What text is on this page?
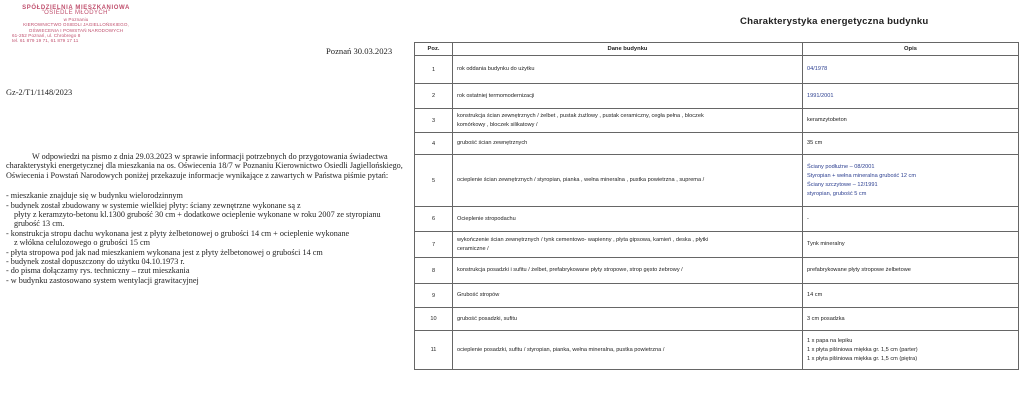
SPÓŁDZIELNIA MIESZKANIOWA
"OSIEDLE MŁODYCH"
w Poznaniu
KIEROWNICTWO OSIEDLI JAGIELLOŃSKIEGO,
OŚWIECENIA I POWSTAŃ NARODOWYCH
61-252 Poznań, ul. Chrobrego 8
tel. 61 879 19 71, 61 879 17 11
Poznań 30.03.2023
Gz-2/T1/1148/2023

W odpowiedzi na pismo z dnia 29.03.2023 w sprawie informacji potrzebnych do przygotowania świadectwa charakterystyki energetycznej dla mieszkania na os. Oświecenia 18/7 w Poznaniu Kierownictwo Osiedli Jagiellońskiego, Oświecenia i Powstań Narodowych poniżej przekazuje informacje wynikające z zawartych w Państwa piśmie pytań:

- mieszkanie znajduje się w budynku wielorodzinnym
- budynek został zbudowany w systemie wielkiej płyty: ściany zewnętrzne wykonane są z
płyty z keramzyto-betonu kl.1300 grubość 30 cm + dodatkowe ocieplenie wykonane w roku 2007 ze styropianu grubość 13 cm.
- konstrukcja stropu dachu wykonana jest z płyty żelbetonowej o grubości 14 cm + ocieplenie wykonane
z włókna celulozowego o grubości 15 cm
- płyta stropowa pod jak nad mieszkaniem wykonana jest z płyty żelbetonowej o grubości 14 cm
- budynek został dopuszczony do użytku 04.10.1973 r.
- do pisma dołączamy rys. techniczny – rzut mieszkania
- w budynku zastosowano system wentylacji grawitacyjnej
Charakterystyka energetyczna budynku
Poz.	Dane budynku	Opis
1	rok oddania budynku do użytku	04/1978

2	rok ostatniej termomodernizacji	1991/2001

3	konstrukcja ścian zewnętrznych / żelbet , pustak żużlowy , pustak ceramiczny, cegła pełna , bloczek
komórkowy , bloczek silikatowy /	keramzytobeton

4	grubość ścian zewnętrznych	35 cm

5	ocieplenie ścian zewnętrznych / styropian, pianka , wełna mineralna , pustka powietrzna , suprema /	Ściany podłużne – 08/2001
Styropian + wełna mineralna grubość 12 cm
Ściany szczytowe – 12/1991
styropian, grubość 5 cm

6	Ocieplenie stropodachu	-

7	wykończenie ścian zewnętrznych / tynk cementowo- wapienny , płyta gipsowa, kamień , deska , płytki
ceramiczne /	Tynk mineralny

8	konstrukcja posadzki i sufitu / żelbet, prefabrykowane płyty stropowe, strop gęsto żebrowy /	prefabrykowane płyty stropowe żelbetowe

9	Grubość stropów	14 cm

10	grubość posadzki, sufitu	3 cm posadzka

11	ocieplenie posadzki, sufitu / styropian, pianka, wełna mineralna, pustka powietrzna /	1 x papa na lepiku
1 x płyta pilśniowa miękka gr. 1,5 cm (parter)
1 x płyta pilśniowa miękka gr. 1,5 cm (piętra)
